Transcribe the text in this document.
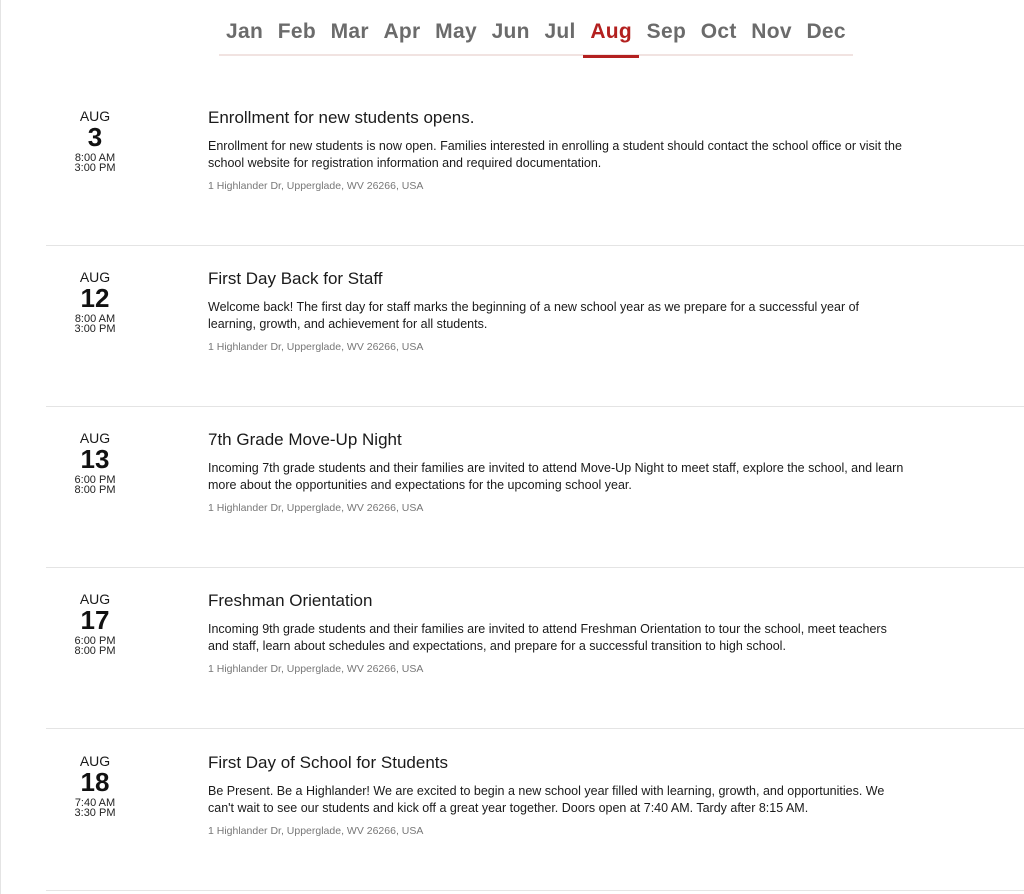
Jan Feb Mar Apr May Jun Jul Aug Sep Oct Nov Dec
AUG
3
8:00 AM
3:00 PM
Enrollment for new students opens.
Enrollment for new students is now open. Families interested in enrolling a student should contact the school office or visit the school website for registration information and required documentation.
1 Highlander Dr, Upperglade, WV 26266, USA
AUG
12
8:00 AM
3:00 PM
First Day Back for Staff
Welcome back! The first day for staff marks the beginning of a new school year as we prepare for a successful year of learning, growth, and achievement for all students.
1 Highlander Dr, Upperglade, WV 26266, USA
AUG
13
6:00 PM
8:00 PM
7th Grade Move-Up Night
Incoming 7th grade students and their families are invited to attend Move-Up Night to meet staff, explore the school, and learn more about the opportunities and expectations for the upcoming school year.
1 Highlander Dr, Upperglade, WV 26266, USA
AUG
17
6:00 PM
8:00 PM
Freshman Orientation
Incoming 9th grade students and their families are invited to attend Freshman Orientation to tour the school, meet teachers and staff, learn about schedules and expectations, and prepare for a successful transition to high school.
1 Highlander Dr, Upperglade, WV 26266, USA
AUG
18
7:40 AM
3:30 PM
First Day of School for Students
Be Present. Be a Highlander! We are excited to begin a new school year filled with learning, growth, and opportunities. We can't wait to see our students and kick off a great year together. Doors open at 7:40 AM. Tardy after 8:15 AM.
1 Highlander Dr, Upperglade, WV 26266, USA
